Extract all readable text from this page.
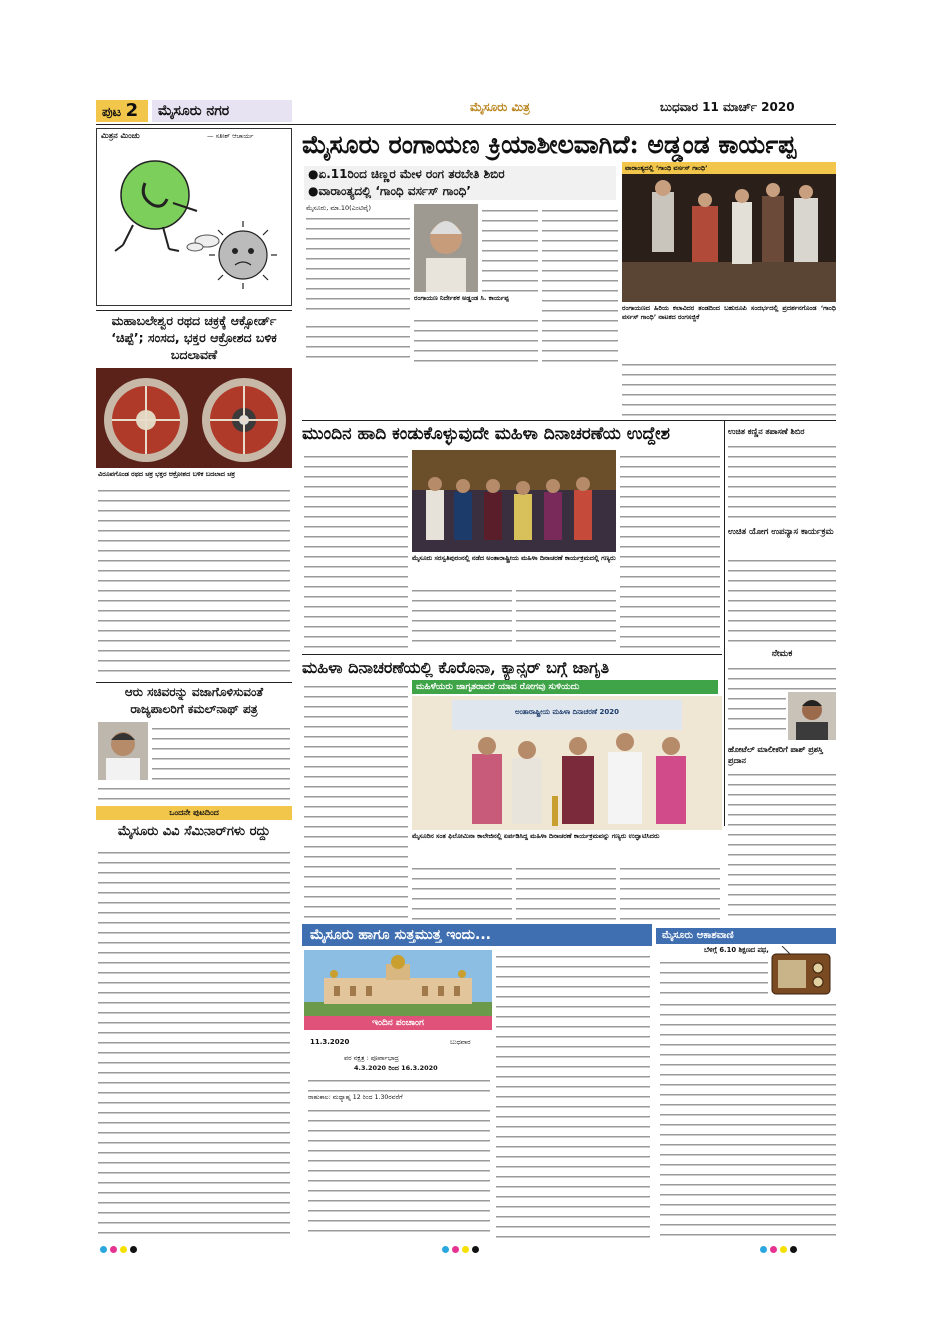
ಪುಟ 2	ಮೈಸೂರು ನಗರ	ಮೈಸೂರು ಮಿತ್ರ	ಬುಧವಾರ 11 ಮಾರ್ಚ್ 2020
ಮಿತ್ರನ ಮಿಂಚು	— ಸತೀಶ್ ಆಚಾರ್ಯ ಮೈಸೂರು ರಂಗಾಯಣ ಕ್ರಿಯಾಶೀಲವಾಗಿದೆ: ಅಡ್ಡಂಡ ಕಾರ್ಯಪ್ಪ
●ಏ.11ರಿಂದ ಚಿಣ್ಣರ ಮೇಳ ರಂಗ ತರಬೇತಿ ಶಿಬಿರ
●ವಾರಾಂತ್ಯದಲ್ಲಿ ‘ಗಾಂಧಿ ವರ್ಸಸ್ ಗಾಂಧಿ’
ವಾರಾಂತ್ಯದಲ್ಲಿ ‘ಗಾಂಧಿ ವರ್ಸಸ್ ಗಾಂಧಿ’
ರಂಗಾಯಣದ ಹಿರಿಯ ಕಲಾವಿದರ ತಂಡದಿಂದ ಬಹುರೂಪಿ ಸಂದರ್ಭದಲ್ಲಿ ಪ್ರದರ್ಶನಗೊಂಡ ‘ಗಾಂಧಿ ವರ್ಸಸ್ ಗಾಂಧಿ’ ನಾಟಕದ ರಂಗಸಜ್ಜಿಕೆ
ಮೈಸೂರು, ಮಾ.10(ಎಂಟಿವೈ)
ರಂಗಾಯಣ ನಿರ್ದೇಶಕ ಅಡ್ಡಂಡ ಸಿ. ಕಾರ್ಯಪ್ಪ
ಮಹಾಬಲೇಶ್ವರ ರಥದ ಚಕ್ರಕ್ಕೆ ಆಕ್ಸೋರ್ಡ್ ‘ಚಿಪ್ಪೆ’; ಸಂಸದ, ಭಕ್ತರ ಆಕ್ರೋಶದ ಬಳಿಕ ಬದಲಾವಣೆ
ವಿರೂಪಗೊಂಡ ರಥದ ಚಕ್ರ ಭಕ್ತರ ಆಕ್ರೋಶದ ಬಳಿಕ ಬದಲಾದ ಚಕ್ರ
ಆರು ಸಚಿವರನ್ನು ವಜಾಗೊಳಿಸುವಂತೆ ರಾಜ್ಯಪಾಲರಿಗೆ ಕಮಲ್‌ನಾಥ್ ಪತ್ರ
ಒಂದನೇ ಪುಟದಿಂದ
ಮೈಸೂರು ವಿವಿ ಸೆಮಿನಾರ್‌ಗಳು ರದ್ದು
ಮುಂದಿನ ಹಾದಿ ಕಂಡುಕೊಳ್ಳುವುದೇ ಮಹಿಳಾ ದಿನಾಚರಣೆಯ ಉದ್ದೇಶ
ಮೈಸೂರು ಸರಸ್ವತಿಪುರಂನಲ್ಲಿ ನಡೆದ ಅಂತಾರಾಷ್ಟ್ರೀಯ ಮಹಿಳಾ ದಿನಾಚರಣೆ ಕಾರ್ಯಕ್ರಮದಲ್ಲಿ ಗಣ್ಯರು
ಉಚಿತ ಕಣ್ಣಿನ ತಪಾಸಣೆ ಶಿಬಿರ
ಉಚಿತ ಯೋಗ ಉಪನ್ಯಾಸ ಕಾರ್ಯಕ್ರಮ
ನೇಮಕ
ಹೋಟೆಲ್ ಮಾಲೀಕರಿಗೆ ಪಾಶ್ ಪ್ರಶಸ್ತಿ ಪ್ರದಾನ
ಮಹಿಳಾ ದಿನಾಚರಣೆಯಲ್ಲಿ ಕೊರೊನಾ, ಕ್ಯಾನ್ಸರ್ ಬಗ್ಗೆ ಜಾಗೃತಿ
ಮಹಿಳೆಯರು ಜಾಗೃತರಾದರೆ ಯಾವ ರೋಗವು ಸುಳಿಯದು
ಅಂತಾರಾಷ್ಟ್ರೀಯ ಮಹಿಳಾ ದಿನಾಚರಣೆ 2020
ಮೈಸೂರಿನ ಸಂತ ಫಿಲೋಮಿನಾ ಕಾಲೇಜಿನಲ್ಲಿ ಏರ್ಪಡಿಸಿದ್ದ ಮಹಿಳಾ ದಿನಾಚರಣೆ ಕಾರ್ಯಕ್ರಮವನ್ನು ಗಣ್ಯರು ಉದ್ಘಾಟಿಸಿದರು
ಮೈಸೂರು ಹಾಗೂ ಸುತ್ತಮುತ್ತ ಇಂದು...
ಇಂದಿನ ಪಂಚಾಂಗ
11.3.2020	ಬುಧವಾರ
ವರ ನಕ್ಷತ್ರ : ಪೂರ್ವಾಭಾದ್ರ
4.3.2020 ರಿಂದ 16.3.2020
ರಾಹುಕಾಲ: ಮಧ್ಯಾಹ್ನ 12 ರಿಂದ 1.30ರವರೆಗೆ
ಮೈಸೂರು ಆಕಾಶವಾಣಿ
ಬೆಳಿಗ್ಗೆ 6.10 ಶಿಕ್ಷಣದ ಪಥ,
